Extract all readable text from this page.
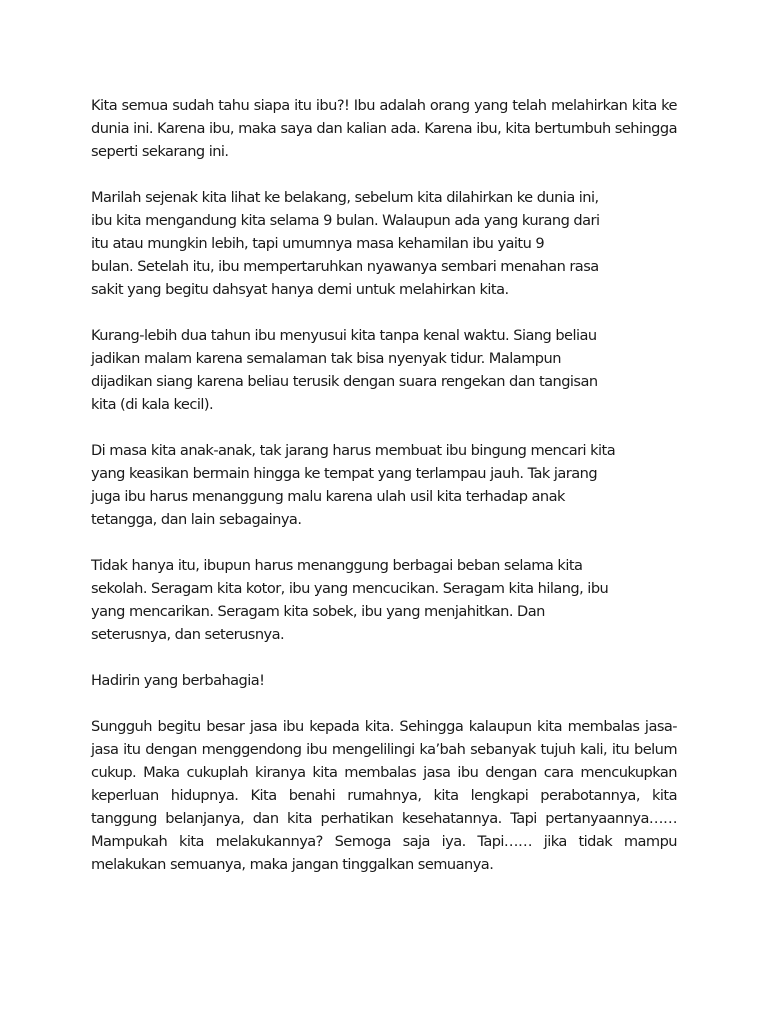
Kita semua sudah tahu siapa itu ibu?! Ibu adalah orang yang telah melahirkan kita ke dunia ini. Karena ibu, maka saya dan kalian ada. Karena ibu, kita bertumbuh sehingga seperti sekarang ini.

Marilah sejenak kita lihat ke belakang, sebelum kita dilahirkan ke dunia ini,
ibu kita mengandung kita selama 9 bulan. Walaupun ada yang kurang dari
itu atau mungkin lebih, tapi umumnya masa kehamilan ibu yaitu 9
bulan. Setelah itu, ibu mempertaruhkan nyawanya sembari menahan rasa
sakit yang begitu dahsyat hanya demi untuk melahirkan kita.

Kurang-lebih dua tahun ibu menyusui kita tanpa kenal waktu. Siang beliau
jadikan malam karena semalaman tak bisa nyenyak tidur. Malampun
dijadikan siang karena beliau terusik dengan suara rengekan dan tangisan
kita (di kala kecil).

Di masa kita anak-anak, tak jarang harus membuat ibu bingung mencari kita
yang keasikan bermain hingga ke tempat yang terlampau jauh. Tak jarang
juga ibu harus menanggung malu karena ulah usil kita terhadap anak
tetangga, dan lain sebagainya.

Tidak hanya itu, ibupun harus menanggung berbagai beban selama kita
sekolah. Seragam kita kotor, ibu yang mencucikan. Seragam kita hilang, ibu
yang mencarikan. Seragam kita sobek, ibu yang menjahitkan. Dan
seterusnya, dan seterusnya.

Hadirin yang berbahagia!

Sungguh begitu besar jasa ibu kepada kita. Sehingga kalaupun kita membalas jasa-jasa itu dengan menggendong ibu mengelilingi ka’bah sebanyak tujuh kali, itu belum cukup. Maka cukuplah kiranya kita membalas jasa ibu dengan cara mencukupkan keperluan hidupnya. Kita benahi rumahnya, kita lengkapi perabotannya, kita tanggung belanjanya, dan kita perhatikan kesehatannya. Tapi pertanyaannya…… Mampukah kita melakukannya? Semoga saja iya. Tapi…… jika tidak mampu melakukan semuanya, maka jangan tinggalkan semuanya.
